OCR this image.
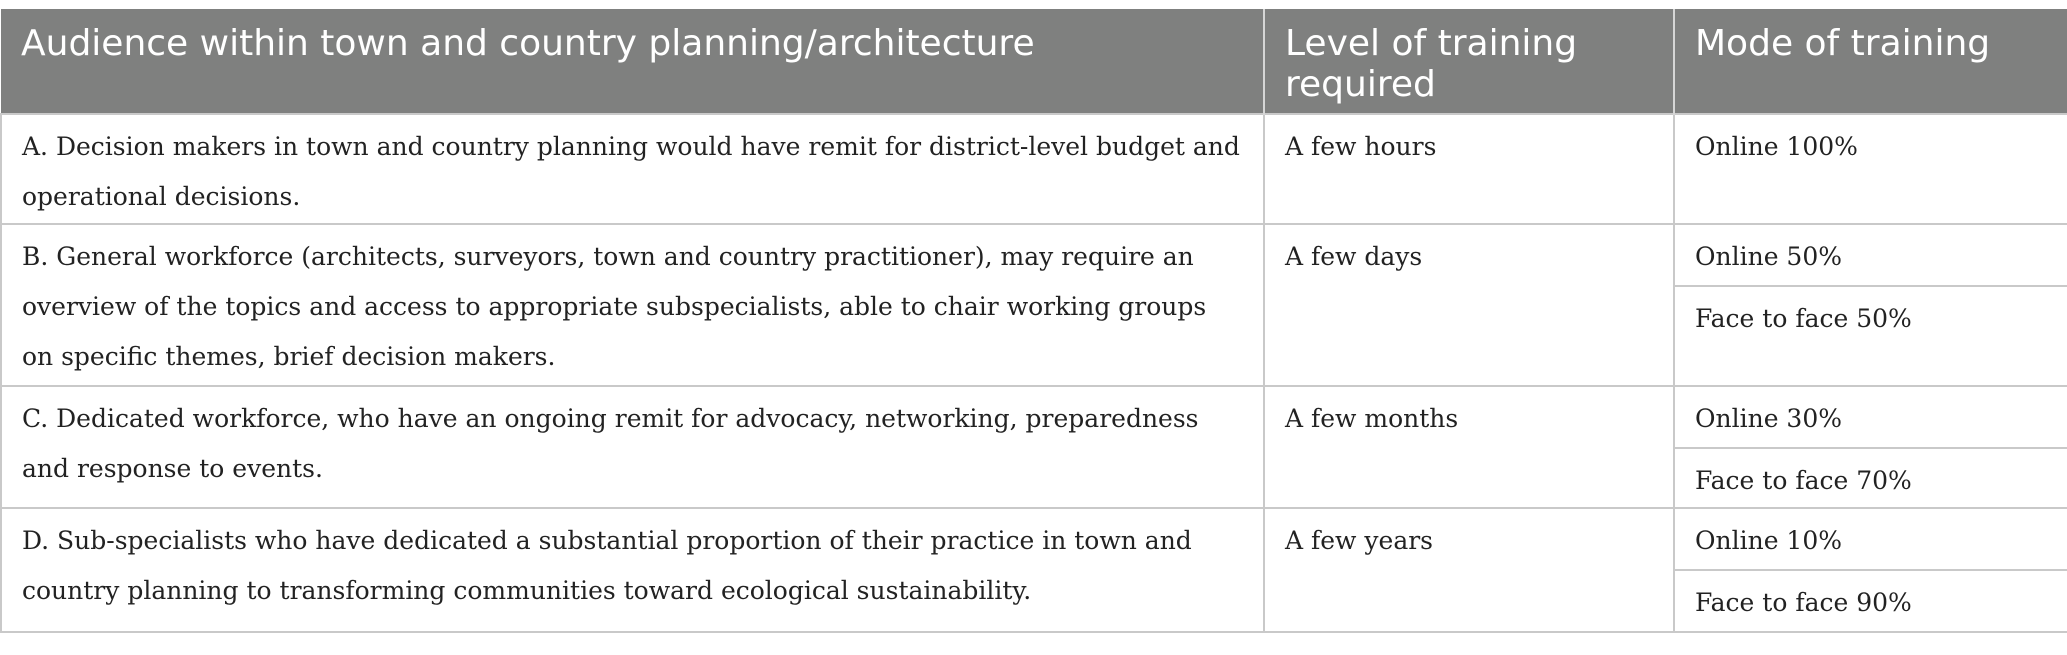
Audience within town and country planning/architecture	Level of training required	Mode of training
A. Decision makers in town and country planning would have remit for district-level budget and operational decisions.	A few hours	Online 100%
B. General workforce (architects, surveyors, town and country practitioner), may require an overview of the topics and access to appropriate subspecialists, able to chair working groups on specific themes, brief decision makers.	A few days	Online 50%
		Face to face 50%
C. Dedicated workforce, who have an ongoing remit for advocacy, networking, preparedness and response to events.	A few months	Online 30%
		Face to face 70%
D. Sub-specialists who have dedicated a substantial proportion of their practice in town and country planning to transforming communities toward ecological sustainability.	A few years	Online 10%
		Face to face 90%
